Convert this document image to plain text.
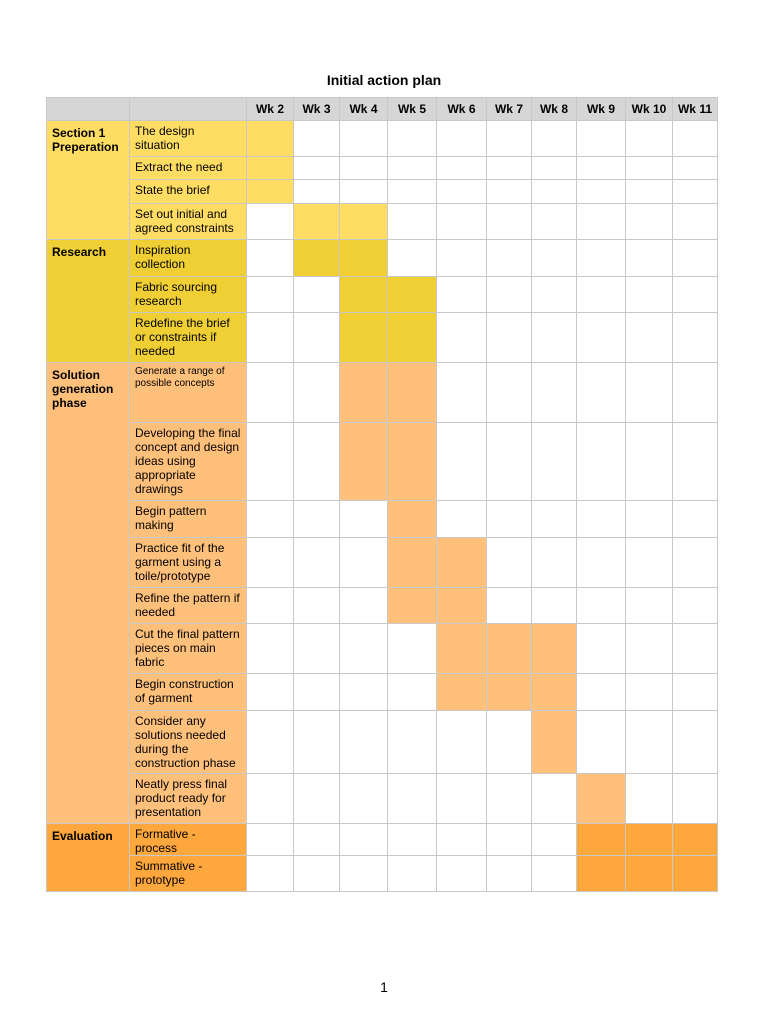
Initial action plan
		Wk 2	Wk 3	Wk 4	Wk 5	Wk 6	Wk 7	Wk 8	Wk 9	Wk 10	Wk 11
Section 1
Preperation	The design situation										
	Extract the need										
	State the brief										
	Set out initial and agreed constraints										
Research	Inspiration collection										
	Fabric sourcing research										
	Redefine the brief or constraints if needed										
Solution generation phase	Generate a range of possible concepts										
	Developing the final concept and design ideas using appropriate drawings										
	Begin pattern making										
	Practice fit of the garment using a toile/prototype										
	Refine the pattern if needed										
	Cut the final pattern pieces on main fabric										
	Begin construction of garment										
	Consider any solutions needed during the construction phase										
	Neatly press final product ready for presentation										
Evaluation	Formative - process										
	Summative - prototype										
1
